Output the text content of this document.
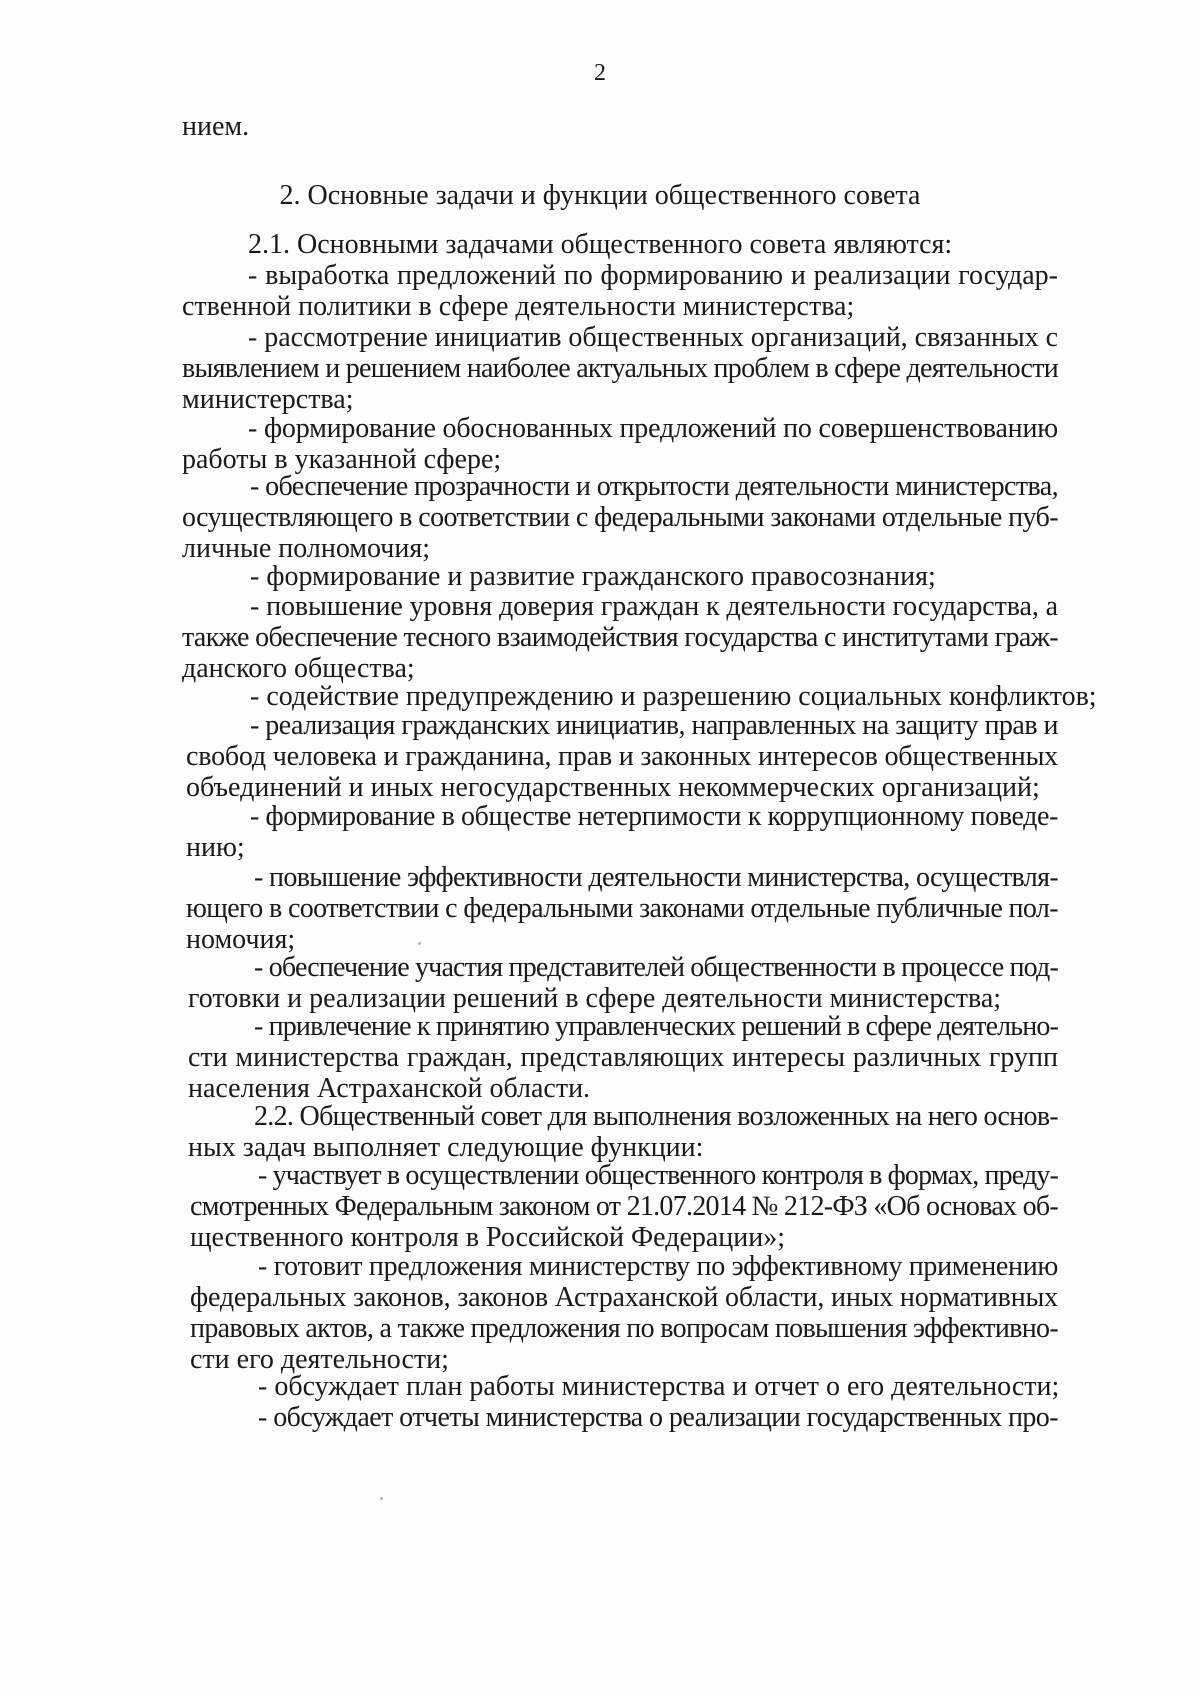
2
нием.
2. Основные задачи и функции общественного совета
2.1. Основными задачами общественного совета являются:
- выработка предложений по формированию и реализации государ-
ственной политики в сфере деятельности министерства;
- рассмотрение инициатив общественных организаций, связанных с
выявлением и решением наиболее актуальных проблем в сфере деятельности
министерства;
- формирование обоснованных предложений по совершенствованию
работы в указанной сфере;
- обеспечение прозрачности и открытости деятельности министерства,
осуществляющего в соответствии с федеральными законами отдельные пуб-
личные полномочия;
- формирование и развитие гражданского правосознания;
- повышение уровня доверия граждан к деятельности государства, а
также обеспечение тесного взаимодействия государства с институтами граж-
данского общества;
- содействие предупреждению и разрешению социальных конфликтов;
- реализация гражданских инициатив, направленных на защиту прав и
свобод человека и гражданина, прав и законных интересов общественных
объединений и иных негосударственных некоммерческих организаций;
- формирование в обществе нетерпимости к коррупционному поведе-
нию;
- повышение эффективности деятельности министерства, осуществля-
ющего в соответствии с федеральными законами отдельные публичные пол-
номочия;
- обеспечение участия представителей общественности в процессе под-
готовки и реализации решений в сфере деятельности министерства;
- привлечение к принятию управленческих решений в сфере деятельно-
сти министерства граждан, представляющих интересы различных групп
населения Астраханской области.
2.2. Общественный совет для выполнения возложенных на него основ-
ных задач выполняет следующие функции:
- участвует в осуществлении общественного контроля в формах, преду-
смотренных Федеральным законом от 21.07.2014 № 212-ФЗ «Об основах об-
щественного контроля в Российской Федерации»;
- готовит предложения министерству по эффективному применению
федеральных законов, законов Астраханской области, иных нормативных
правовых актов, а также предложения по вопросам повышения эффективно-
сти его деятельности;
- обсуждает план работы министерства и отчет о его деятельности;
- обсуждает отчеты министерства о реализации государственных про-
